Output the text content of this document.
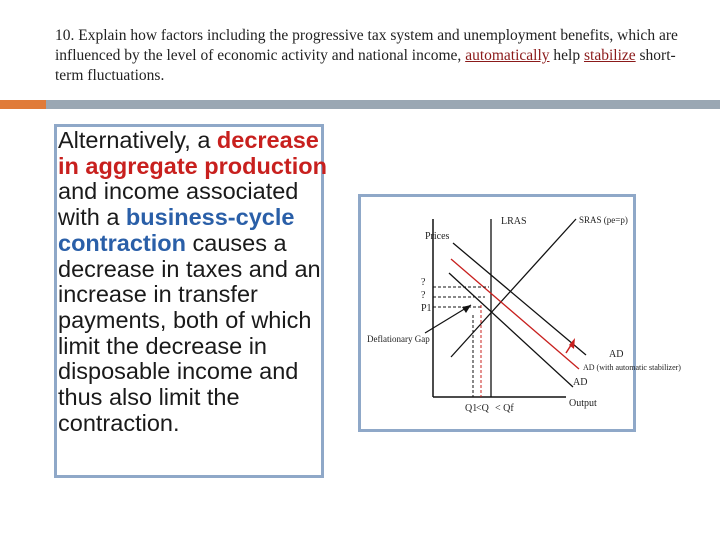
10. Explain how factors including the progressive tax system and unemployment benefits, which are influenced by the level of economic activity and national income, automatically help stabilize short-term fluctuations.
Alternatively, a decrease in aggregate production and income associated with a business-cycle contraction causes a decrease in taxes and an increase in transfer payments, both of which limit the decrease in disposable income and thus also limit the contraction.
LRAS	SRAS (pe=p)
Prices
?
?
P1
Deflationary Gap
AD
AD (with automatic stabilizer)
AD
Output
Q1
<Q < Qf
